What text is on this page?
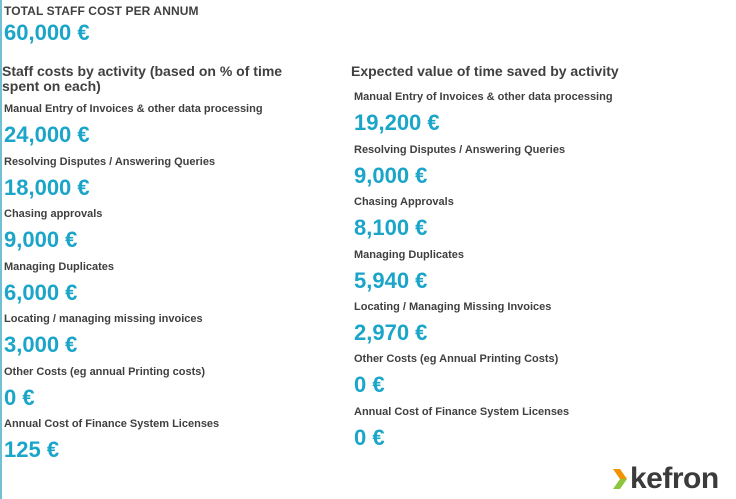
TOTAL STAFF COST PER ANNUM
60,000 €
Staff costs by activity (based on % of time spent on each)
Manual Entry of Invoices & other data processing
24,000 €
Resolving Disputes / Answering Queries
18,000 €
Chasing approvals
9,000 €
Managing Duplicates
6,000 €
Locating / managing missing invoices
3,000 €
Other Costs (eg annual Printing costs)
0 €
Annual Cost of Finance System Licenses
125 €
Expected value of time saved by activity
Manual Entry of Invoices & other data processing
19,200 €
Resolving Disputes / Answering Queries
9,000 €
Chasing Approvals
8,100 €
Managing Duplicates
5,940 €
Locating / Managing Missing Invoices
2,970 €
Other Costs (eg Annual Printing Costs)
0 €
Annual Cost of Finance System Licenses
0 €
kefron
